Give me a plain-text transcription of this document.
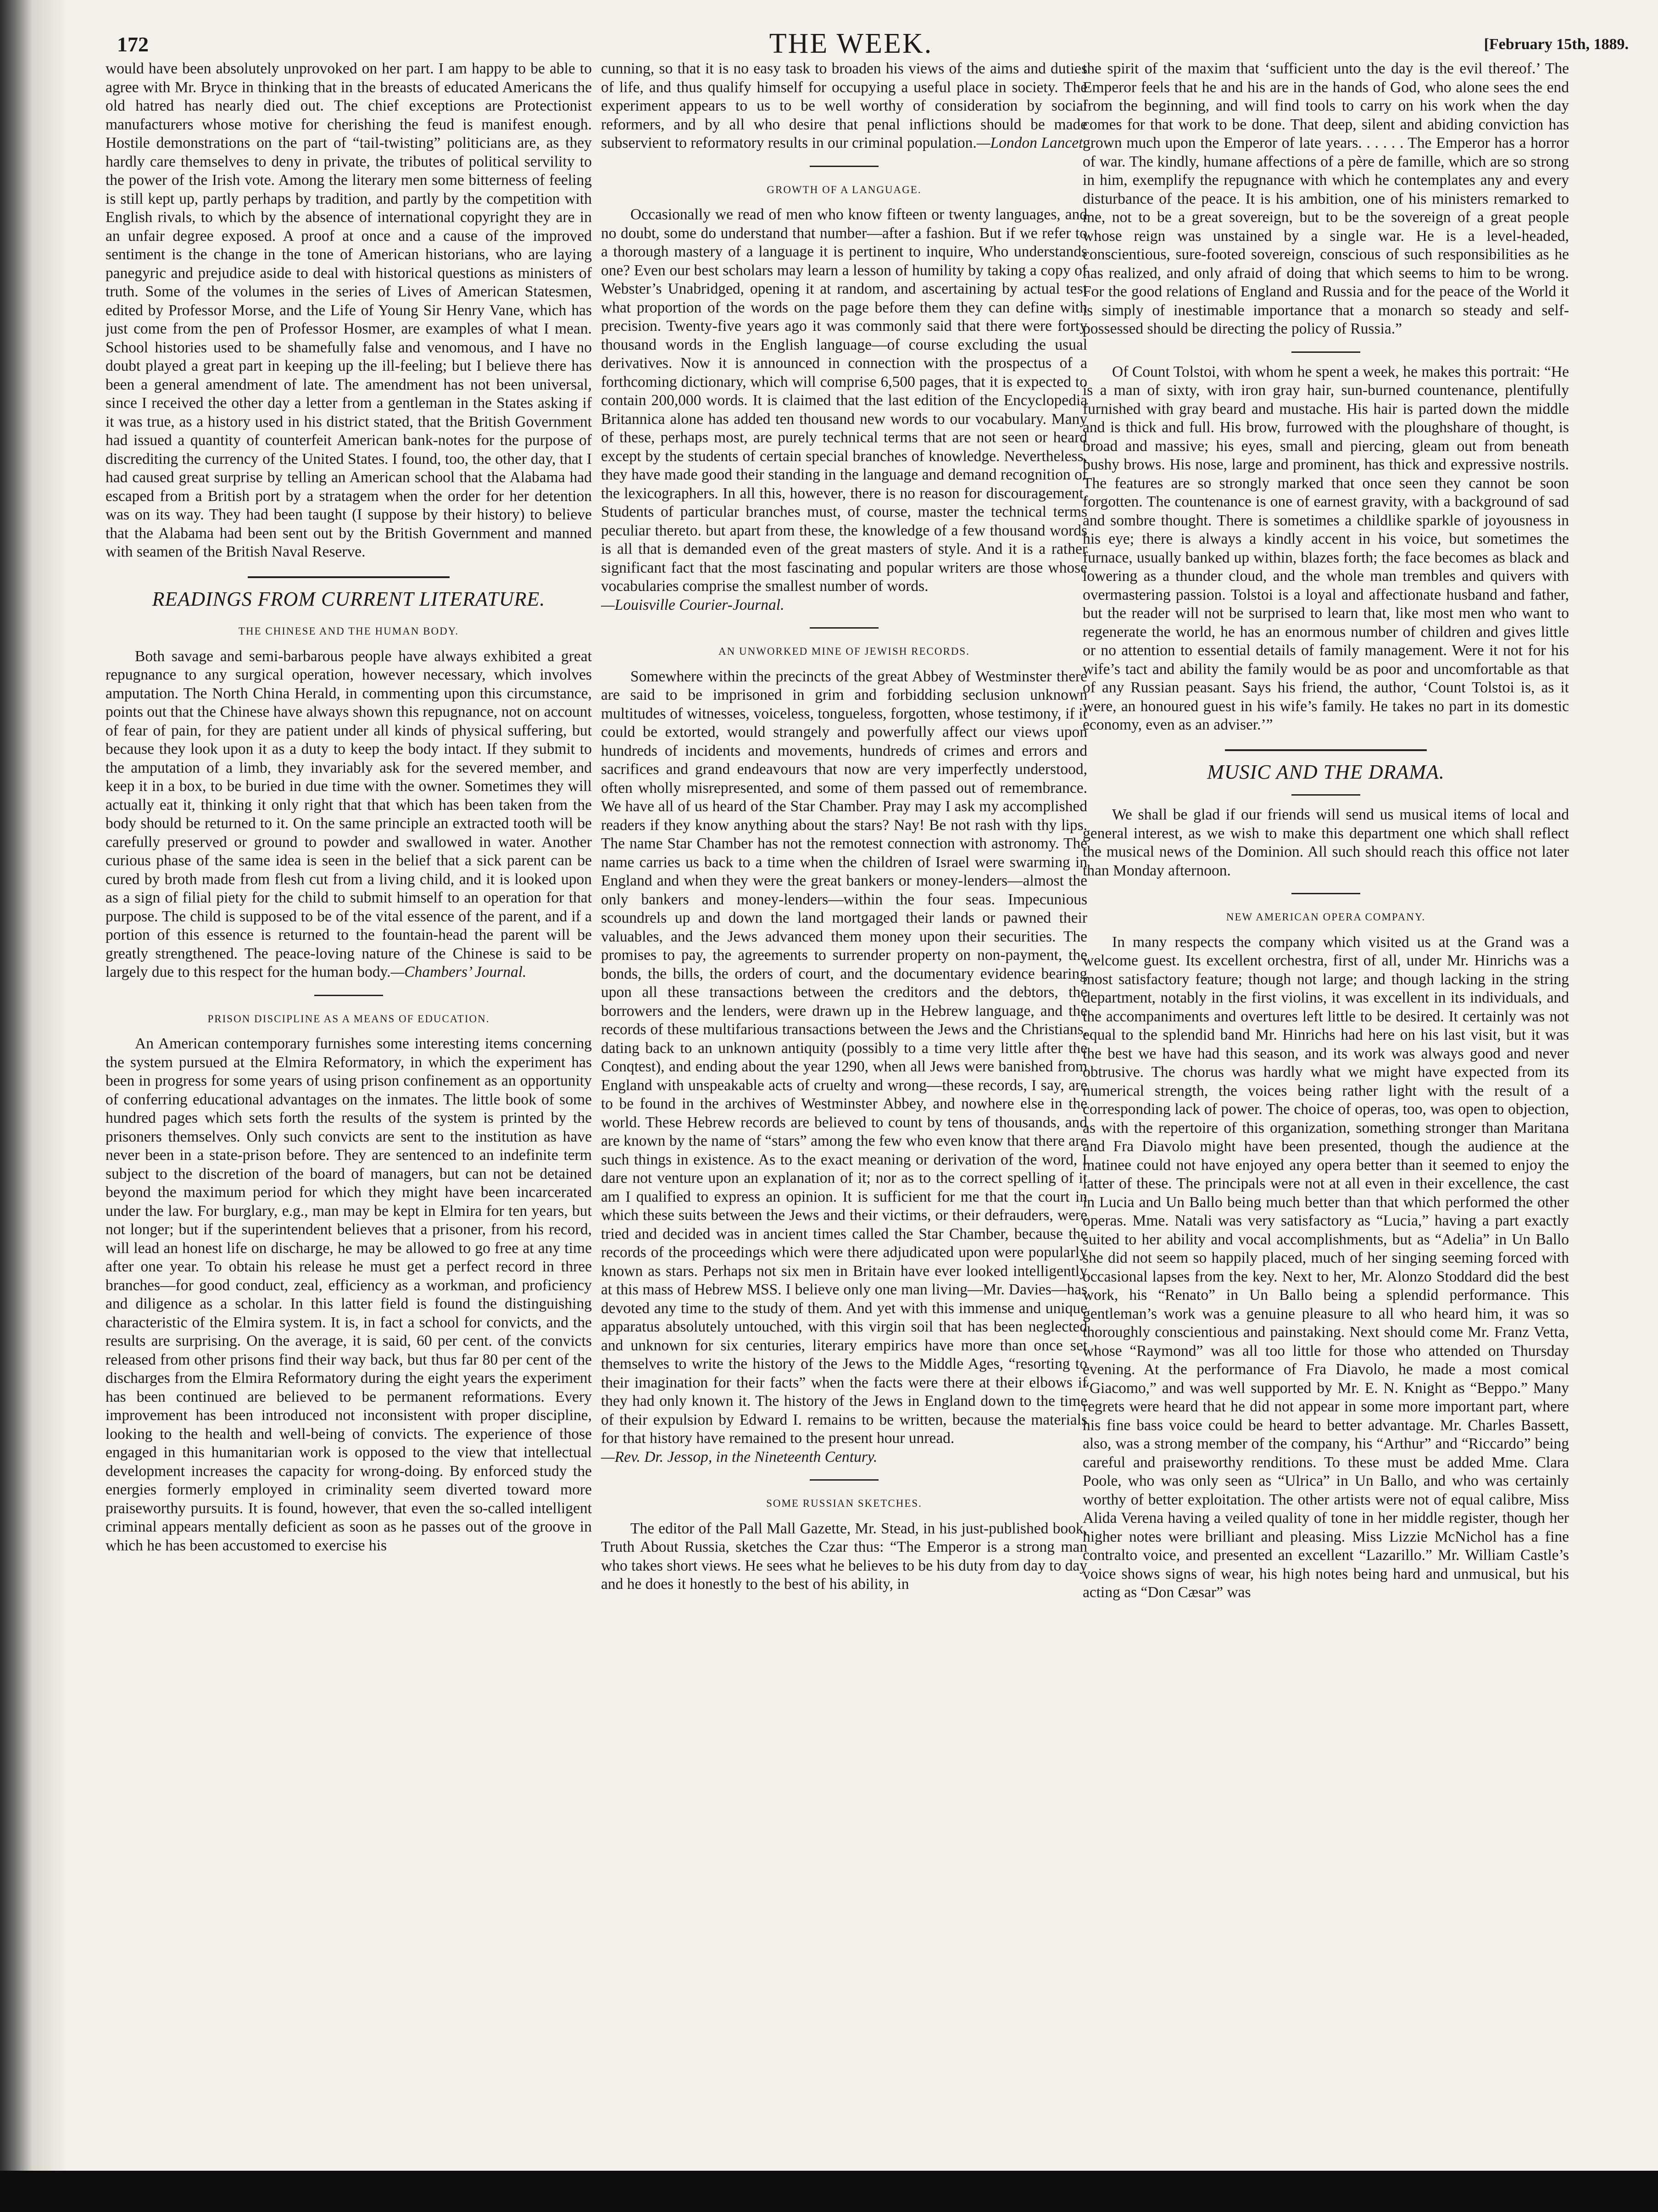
172	THE WEEK.	[February 15th, 1889.

would have been absolutely unprovoked on her part. I am happy to be able to agree with Mr. Bryce in thinking that in the breasts of educated Americans the old hatred has nearly died out. The chief exceptions are Protectionist manufacturers whose motive for cherishing the feud is manifest enough. Hostile demonstrations on the part of “tail-twisting” politicians are, as they hardly care themselves to deny in private, the tributes of political servility to the power of the Irish vote. Among the literary men some bitterness of feeling is still kept up, partly perhaps by tradition, and partly by the competition with English rivals, to which by the absence of international copyright they are in an unfair degree exposed. A proof at once and a cause of the improved sentiment is the change in the tone of American historians, who are laying panegyric and prejudice aside to deal with historical questions as ministers of truth. Some of the volumes in the series of Lives of American Statesmen, edited by Professor Morse, and the Life of Young Sir Henry Vane, which has just come from the pen of Professor Hosmer, are examples of what I mean. School histories used to be shamefully false and venomous, and I have no doubt played a great part in keeping up the ill-feeling; but I believe there has been a general amendment of late. The amendment has not been universal, since I received the other day a letter from a gentleman in the States asking if it was true, as a history used in his district stated, that the British Government had issued a quantity of counterfeit American bank-notes for the purpose of discrediting the currency of the United States. I found, too, the other day, that I had caused great surprise by telling an American school that the Alabama had escaped from a British port by a stratagem when the order for her detention was on its way. They had been taught (I suppose by their history) to believe that the Alabama had been sent out by the British Government and manned with seamen of the British Naval Reserve.

READINGS FROM CURRENT LITERATURE.
THE CHINESE AND THE HUMAN BODY.

Both savage and semi-barbarous people have always exhibited a great repugnance to any surgical operation, however necessary, which involves amputation. The North China Herald, in commenting upon this circumstance, points out that the Chinese have always shown this repugnance, not on account of fear of pain, for they are patient under all kinds of physical suffering, but because they look upon it as a duty to keep the body intact. If they submit to the amputation of a limb, they invariably ask for the severed member, and keep it in a box, to be buried in due time with the owner. Sometimes they will actually eat it, thinking it only right that that which has been taken from the body should be returned to it. On the same principle an extracted tooth will be carefully preserved or ground to powder and swallowed in water. Another curious phase of the same idea is seen in the belief that a sick parent can be cured by broth made from flesh cut from a living child, and it is looked upon as a sign of filial piety for the child to submit himself to an operation for that purpose. The child is supposed to be of the vital essence of the parent, and if a portion of this essence is returned to the fountain-head the parent will be greatly strengthened. The peace-loving nature of the Chinese is said to be largely due to this respect for the human body.—Chambers’ Journal.

PRISON DISCIPLINE AS A MEANS OF EDUCATION.

An American contemporary furnishes some interesting items concerning the system pursued at the Elmira Reformatory, in which the experiment has been in progress for some years of using prison confinement as an opportunity of conferring educational advantages on the inmates. The little book of some hundred pages which sets forth the results of the system is printed by the prisoners themselves. Only such convicts are sent to the institution as have never been in a state-prison before. They are sentenced to an indefinite term subject to the discretion of the board of managers, but can not be detained beyond the maximum period for which they might have been incarcerated under the law. For burglary, e.g., man may be kept in Elmira for ten years, but not longer; but if the superintendent believes that a prisoner, from his record, will lead an honest life on discharge, he may be allowed to go free at any time after one year. To obtain his release he must get a perfect record in three branches—for good conduct, zeal, efficiency as a workman, and proficiency and diligence as a scholar. In this latter field is found the distinguishing characteristic of the Elmira system. It is, in fact a school for convicts, and the results are surprising. On the average, it is said, 60 per cent. of the convicts released from other prisons find their way back, but thus far 80 per cent of the discharges from the Elmira Reformatory during the eight years the experiment has been continued are believed to be permanent reformations. Every improvement has been introduced not inconsistent with proper discipline, looking to the health and well-being of convicts. The experience of those engaged in this humanitarian work is opposed to the view that intellectual development increases the capacity for wrong-doing. By enforced study the energies formerly employed in criminality seem diverted toward more praiseworthy pursuits. It is found, however, that even the so-called intelligent criminal appears mentally deficient as soon as he passes out of the groove in which he has been accustomed to exercise his

cunning, so that it is no easy task to broaden his views of the aims and duties of life, and thus qualify himself for occupying a useful place in society. The experiment appears to us to be well worthy of consideration by social reformers, and by all who desire that penal inflictions should be made subservient to reformatory results in our criminal population.—London Lancet.

GROWTH OF A LANGUAGE.

Occasionally we read of men who know fifteen or twenty languages, and no doubt, some do understand that number—after a fashion. But if we refer to a thorough mastery of a language it is pertinent to inquire, Who understands one? Even our best scholars may learn a lesson of humility by taking a copy of Webster’s Unabridged, opening it at random, and ascertaining by actual test what proportion of the words on the page before them they can define with precision. Twenty-five years ago it was commonly said that there were forty thousand words in the English language—of course excluding the usual derivatives. Now it is announced in connection with the prospectus of a forthcoming dictionary, which will comprise 6,500 pages, that it is expected to contain 200,000 words. It is claimed that the last edition of the Encyclopedia Britannica alone has added ten thousand new words to our vocabulary. Many of these, perhaps most, are purely technical terms that are not seen or heard except by the students of certain special branches of knowledge. Nevertheless, they have made good their standing in the language and demand recognition of the lexicographers. In all this, however, there is no reason for discouragement. Students of particular branches must, of course, master the technical terms peculiar thereto. but apart from these, the knowledge of a few thousand words is all that is demanded even of the great masters of style. And it is a rather significant fact that the most fascinating and popular writers are those whose vocabularies comprise the smallest number of words.

—Louisville Courier-Journal.

AN UNWORKED MINE OF JEWISH RECORDS.

Somewhere within the precincts of the great Abbey of Westminster there are said to be imprisoned in grim and forbidding seclusion unknown multitudes of witnesses, voiceless, tongueless, forgotten, whose testimony, if it could be extorted, would strangely and powerfully affect our views upon hundreds of incidents and movements, hundreds of crimes and errors and sacrifices and grand endeavours that now are very imperfectly understood, often wholly misrepresented, and some of them passed out of remembrance. We have all of us heard of the Star Chamber. Pray may I ask my accomplished readers if they know anything about the stars? Nay! Be not rash with thy lips. The name Star Chamber has not the remotest connection with astronomy. The name carries us back to a time when the children of Israel were swarming in England and when they were the great bankers or money-lenders—almost the only bankers and money-lenders—within the four seas. Impecunious scoundrels up and down the land mortgaged their lands or pawned their valuables, and the Jews advanced them money upon their securities. The promises to pay, the agreements to surrender property on non-payment, the bonds, the bills, the orders of court, and the documentary evidence bearing upon all these transactions between the creditors and the debtors, the borrowers and the lenders, were drawn up in the Hebrew language, and the records of these multifarious transactions between the Jews and the Christians, dating back to an unknown antiquity (possibly to a time very little after the Conqtest), and ending about the year 1290, when all Jews were banished from England with unspeakable acts of cruelty and wrong—these records, I say, are to be found in the archives of Westminster Abbey, and nowhere else in the world. These Hebrew records are believed to count by tens of thousands, and are known by the name of “stars” among the few who even know that there are such things in existence. As to the exact meaning or derivation of the word, I dare not venture upon an explanation of it; nor as to the correct spelling of it am I qualified to express an opinion. It is sufficient for me that the court in which these suits between the Jews and their victims, or their defrauders, were tried and decided was in ancient times called the Star Chamber, because the records of the proceedings which were there adjudicated upon were popularly known as stars. Perhaps not six men in Britain have ever looked intelligently at this mass of Hebrew MSS. I believe only one man living—Mr. Davies—has devoted any time to the study of them. And yet with this immense and unique apparatus absolutely untouched, with this virgin soil that has been neglected and unknown for six centuries, literary empirics have more than once set themselves to write the history of the Jews to the Middle Ages, “resorting to their imagination for their facts” when the facts were there at their elbows if they had only known it. The history of the Jews in England down to the time of their expulsion by Edward I. remains to be written, because the materials for that history have remained to the present hour unread.

—Rev. Dr. Jessop, in the Nineteenth Century.

SOME RUSSIAN SKETCHES.

The editor of the Pall Mall Gazette, Mr. Stead, in his just-published book, Truth About Russia, sketches the Czar thus: “The Emperor is a strong man who takes short views. He sees what he believes to be his duty from day to day and he does it honestly to the best of his ability, in

the spirit of the maxim that ‘sufficient unto the day is the evil thereof.’ The Emperor feels that he and his are in the hands of God, who alone sees the end from the beginning, and will find tools to carry on his work when the day comes for that work to be done. That deep, silent and abiding conviction has grown much upon the Emperor of late years. . . . . . The Emperor has a horror of war. The kindly, humane affections of a père de famille, which are so strong in him, exemplify the repugnance with which he contemplates any and every disturbance of the peace. It is his ambition, one of his ministers remarked to me, not to be a great sovereign, but to be the sovereign of a great people whose reign was unstained by a single war. He is a level-headed, conscientious, sure-footed sovereign, conscious of such responsibilities as he has realized, and only afraid of doing that which seems to him to be wrong. For the good relations of England and Russia and for the peace of the World it is simply of inestimable importance that a monarch so steady and self-possessed should be directing the policy of Russia.”

Of Count Tolstoi, with whom he spent a week, he makes this portrait: “He is a man of sixty, with iron gray hair, sun-burned countenance, plentifully furnished with gray beard and mustache. His hair is parted down the middle and is thick and full. His brow, furrowed with the ploughshare of thought, is broad and massive; his eyes, small and piercing, gleam out from beneath bushy brows. His nose, large and prominent, has thick and expressive nostrils. The features are so strongly marked that once seen they cannot be soon forgotten. The countenance is one of earnest gravity, with a background of sad and sombre thought. There is sometimes a childlike sparkle of joyousness in his eye; there is always a kindly accent in his voice, but sometimes the furnace, usually banked up within, blazes forth; the face becomes as black and lowering as a thunder cloud, and the whole man trembles and quivers with overmastering passion. Tolstoi is a loyal and affectionate husband and father, but the reader will not be surprised to learn that, like most men who want to regenerate the world, he has an enormous number of children and gives little or no attention to essential details of family management. Were it not for his wife’s tact and ability the family would be as poor and uncomfortable as that of any Russian peasant. Says his friend, the author, ‘Count Tolstoi is, as it were, an honoured guest in his wife’s family. He takes no part in its domestic economy, even as an adviser.’”

MUSIC AND THE DRAMA.

We shall be glad if our friends will send us musical items of local and general interest, as we wish to make this department one which shall reflect the musical news of the Dominion. All such should reach this office not later than Monday afternoon.

NEW AMERICAN OPERA COMPANY.

In many respects the company which visited us at the Grand was a welcome guest. Its excellent orchestra, first of all, under Mr. Hinrichs was a most satisfactory feature; though not large; and though lacking in the string department, notably in the first violins, it was excellent in its individuals, and the accompaniments and overtures left little to be desired. It certainly was not equal to the splendid band Mr. Hinrichs had here on his last visit, but it was the best we have had this season, and its work was always good and never obtrusive. The chorus was hardly what we might have expected from its numerical strength, the voices being rather light with the result of a corresponding lack of power. The choice of operas, too, was open to objection, as with the repertoire of this organization, something stronger than Maritana and Fra Diavolo might have been presented, though the audience at the matinee could not have enjoyed any opera better than it seemed to enjoy the latter of these. The principals were not at all even in their excellence, the cast in Lucia and Un Ballo being much better than that which performed the other operas. Mme. Natali was very satisfactory as “Lucia,” having a part exactly suited to her ability and vocal accomplishments, but as “Adelia” in Un Ballo she did not seem so happily placed, much of her singing seeming forced with occasional lapses from the key. Next to her, Mr. Alonzo Stoddard did the best work, his “Renato” in Un Ballo being a splendid performance. This gentleman’s work was a genuine pleasure to all who heard him, it was so thoroughly conscientious and painstaking. Next should come Mr. Franz Vetta, whose “Raymond” was all too little for those who attended on Thursday evening. At the performance of Fra Diavolo, he made a most comical “Giacomo,” and was well supported by Mr. E. N. Knight as “Beppo.” Many regrets were heard that he did not appear in some more important part, where his fine bass voice could be heard to better advantage. Mr. Charles Bassett, also, was a strong member of the company, his “Arthur” and “Riccardo” being careful and praiseworthy renditions. To these must be added Mme. Clara Poole, who was only seen as “Ulrica” in Un Ballo, and who was certainly worthy of better exploitation. The other artists were not of equal calibre, Miss Alida Verena having a veiled quality of tone in her middle register, though her higher notes were brilliant and pleasing. Miss Lizzie McNichol has a fine contralto voice, and presented an excellent “Lazarillo.” Mr. William Castle’s voice shows signs of wear, his high notes being hard and unmusical, but his acting as “Don Cæsar” was
